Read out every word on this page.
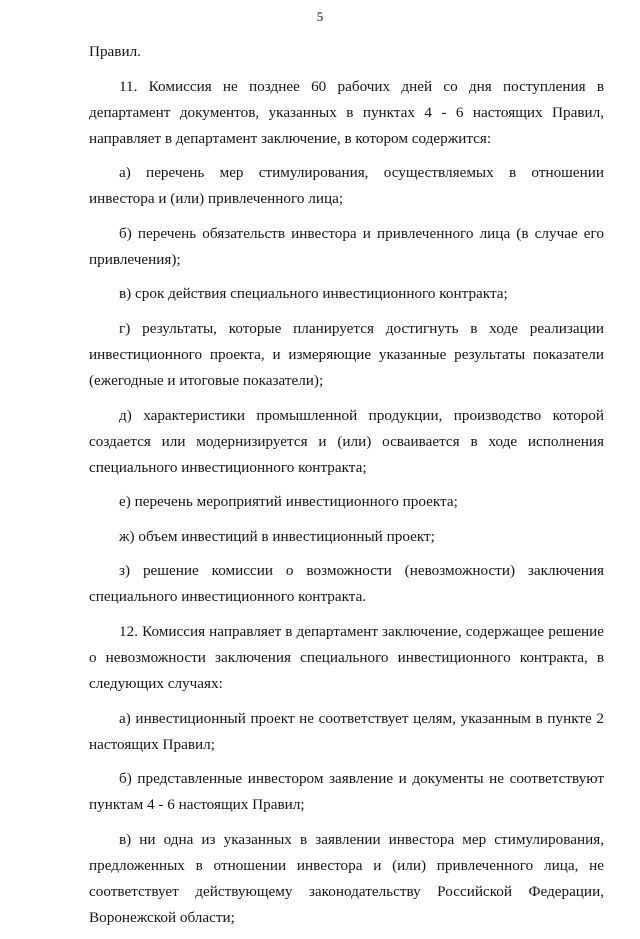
5

Правил.

11. Комиссия не позднее 60 рабочих дней со дня поступления в департамент документов, указанных в пунктах 4 - 6 настоящих Правил, направляет в департамент заключение, в котором содержится:

а) перечень мер стимулирования, осуществляемых в отношении инвестора и (или) привлеченного лица;

б) перечень обязательств инвестора и привлеченного лица (в случае его привлечения);

в) срок действия специального инвестиционного контракта;

г) результаты, которые планируется достигнуть в ходе реализации инвестиционного проекта, и измеряющие указанные результаты показатели (ежегодные и итоговые показатели);

д) характеристики промышленной продукции, производство которой создается или модернизируется и (или) осваивается в ходе исполнения специального инвестиционного контракта;

е) перечень мероприятий инвестиционного проекта;

ж) объем инвестиций в инвестиционный проект;

з) решение комиссии о возможности (невозможности) заключения специального инвестиционного контракта.

12. Комиссия направляет в департамент заключение, содержащее решение о невозможности заключения специального инвестиционного контракта, в следующих случаях:

а) инвестиционный проект не соответствует целям, указанным в пункте 2 настоящих Правил;

б) представленные инвестором заявление и документы не соответствуют пунктам 4 - 6 настоящих Правил;

в) ни одна из указанных в заявлении инвестора мер стимулирования, предложенных в отношении инвестора и (или) привлеченного лица, не соответствует действующему законодательству Российской Федерации, Воронежской области;
